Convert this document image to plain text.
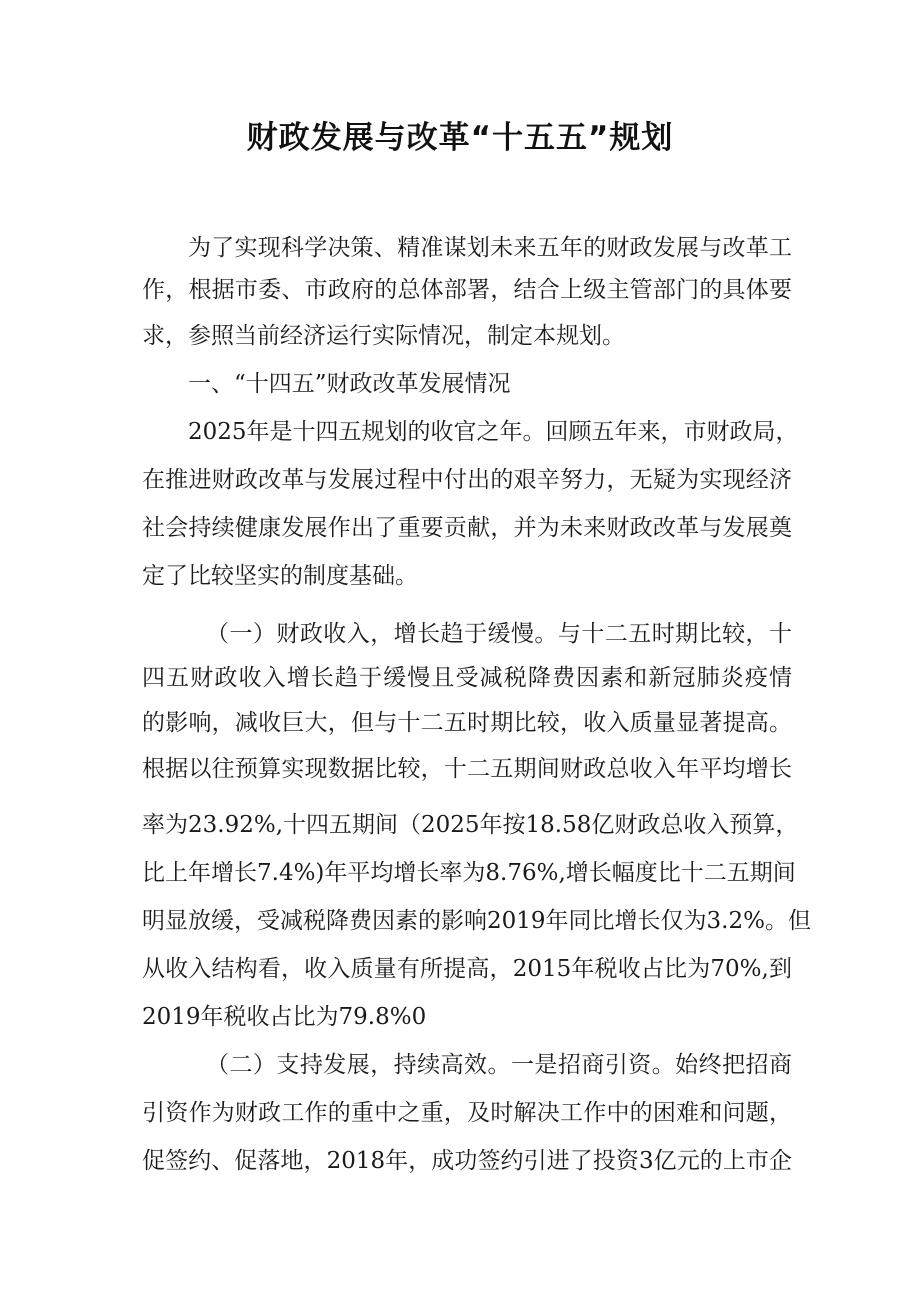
财政发展与改革“十五五”规划
为了实现科学决策、精准谋划未来五年的财政发展与改革工
作，根据市委、市政府的总体部署，结合上级主管部门的具体要
求，参照当前经济运行实际情况，制定本规划。
一、“十四五”财政改革发展情况
2025年是十四五规划的收官之年。回顾五年来，市财政局，
在推进财政改革与发展过程中付出的艰辛努力，无疑为实现经济
社会持续健康发展作出了重要贡献，并为未来财政改革与发展奠
定了比较坚实的制度基础。
（一）财政收入，增长趋于缓慢。与十二五时期比较，十
四五财政收入增长趋于缓慢且受减税降费因素和新冠肺炎疫情
的影响，减收巨大，但与十二五时期比较，收入质量显著提高。
根据以往预算实现数据比较，十二五期间财政总收入年平均增长
率为23.92%,十四五期间（2025年按18.58亿财政总收入预算，
比上年增长7.4%)年平均增长率为8.76%,增长幅度比十二五期间
明显放缓，受减税降费因素的影响2019年同比增长仅为3.2%。但
从收入结构看，收入质量有所提高，2015年税收占比为70%,到
2019年税收占比为79.8%0
（二）支持发展，持续高效。一是招商引资。始终把招商
引资作为财政工作的重中之重，及时解决工作中的困难和问题，
促签约、促落地，2018年，成功签约引进了投资3亿元的上市企
